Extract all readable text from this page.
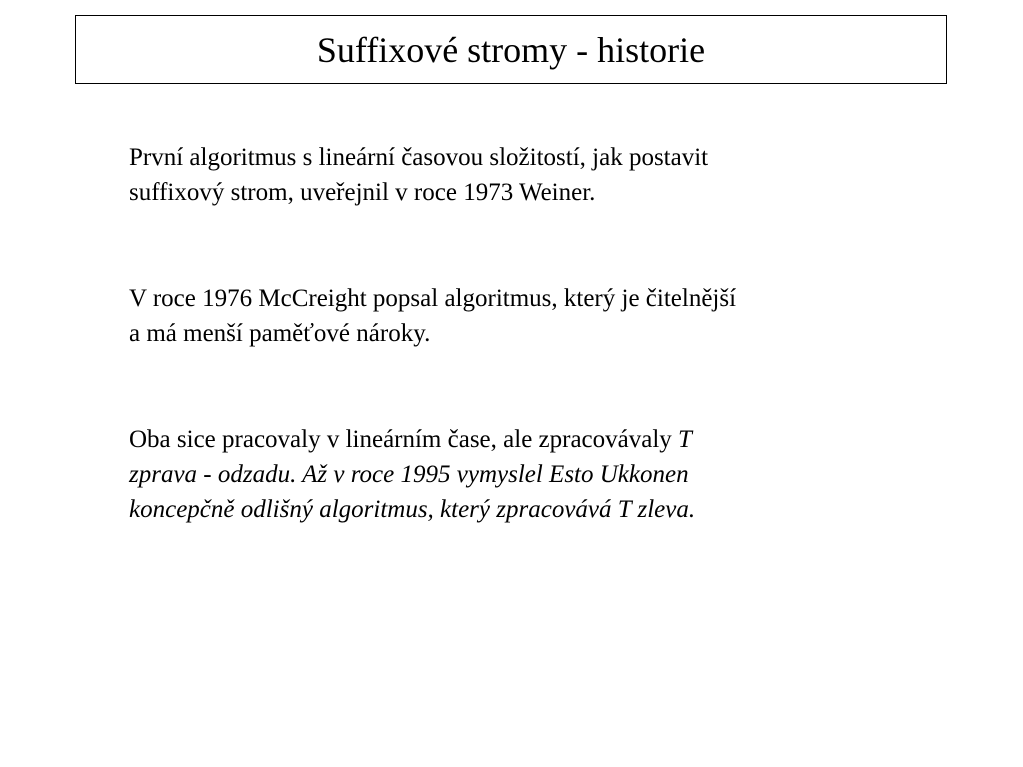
Suffixové stromy - historie
První algoritmus s lineární časovou složitostí, jak postavit
suffixový strom, uveřejnil v roce 1973 Weiner.
V roce 1976 McCreight popsal algoritmus, který je čitelnější
a má menší paměťové nároky.
Oba sice pracovaly v lineárním čase, ale zpracovávaly T
zprava - odzadu. Až v roce 1995 vymyslel Esto Ukkonen
koncepčně odlišný algoritmus, který zpracovává T zleva.
